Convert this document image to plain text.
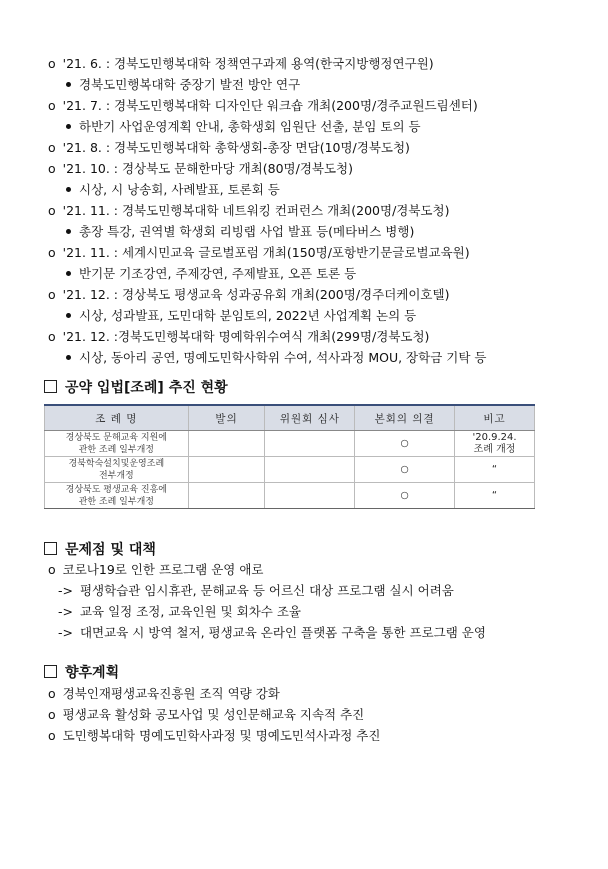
o '21. 6. : 경북도민행복대학 정책연구과제 용역(한국지방행정연구원)
경북도민행복대학 중장기 발전 방안 연구
o '21. 7. : 경북도민행복대학 디자인단 워크숍 개최(200명/경주교원드림센터)
하반기 사업운영계획 안내, 총학생회 임원단 선출, 분임 토의 등
o '21. 8. : 경북도민행복대학 총학생회-총장 면담(10명/경북도청)
o '21. 10. : 경상북도 문해한마당 개최(80명/경북도청)
시상, 시 낭송회, 사례발표, 토론회 등
o '21. 11. : 경북도민행복대학 네트워킹 컨퍼런스 개최(200명/경북도청)
총장 특강, 권역별 학생회 리빙랩 사업 발표 등(메타버스 병행)
o '21. 11. : 세계시민교육 글로벌포럼 개최(150명/포항반기문글로벌교육원)
반기문 기조강연, 주제강연, 주제발표, 오픈 토론 등
o '21. 12. : 경상북도 평생교육 성과공유회 개최(200명/경주더케이호텔)
시상, 성과발표, 도민대학 분임토의, 2022년 사업계획 논의 등
o '21. 12. :경북도민행복대학 명예학위수여식 개최(299명/경북도청)
시상, 동아리 공연, 명예도민학사학위 수여, 석사과정 MOU, 장학금 기탁 등
공약 입법[조례] 추진 현황
조 례 명	발의	위원회 심사	본회의 의결	비고
경상북도 문해교육 지원에
관한 조례 일부개정			○	'20.9.24.
조례 개정
경북학숙설치및운영조례
전부개정			○	“
경상북도 평생교육 진흥에
관한 조례 일부개정			○	“
문제점 및 대책
o 코로나19로 인한 프로그램 운영 애로
-> 평생학습관 임시휴관, 문해교육 등 어르신 대상 프로그램 실시 어려움
-> 교육 일정 조정, 교육인원 및 회차수 조율
-> 대면교육 시 방역 철저, 평생교육 온라인 플랫폼 구축을 통한 프로그램 운영
향후계획
o 경북인재평생교육진흥원 조직 역량 강화
o 평생교육 활성화 공모사업 및 성인문해교육 지속적 추진
o 도민행복대학 명예도민학사과정 및 명예도민석사과정 추진
